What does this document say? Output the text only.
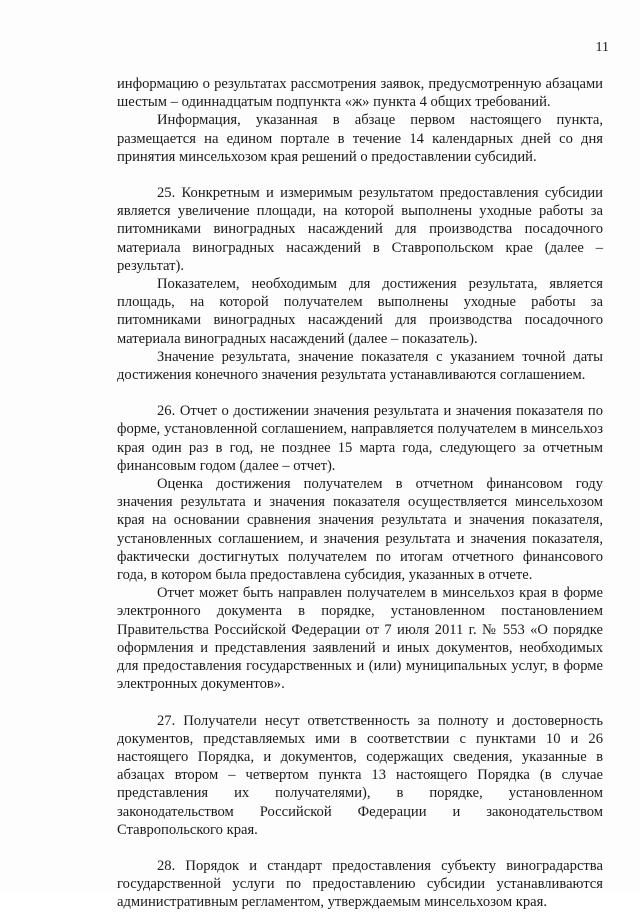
11

информацию о результатах рассмотрения заявок, предусмотренную абзацами шестым – одиннадцатым подпункта «ж» пункта 4 общих требований.

Информация, указанная в абзаце первом настоящего пункта, размещается на едином портале в течение 14 календарных дней со дня принятия минсельхозом края решений о предоставлении субсидий.

25. Конкретным и измеримым результатом предоставления субсидии является увеличение площади, на которой выполнены уходные работы за питомниками виноградных насаждений для производства посадочного материала виноградных насаждений в Ставропольском крае (далее – результат).

Показателем, необходимым для достижения результата, является площадь, на которой получателем выполнены уходные работы за питомниками виноградных насаждений для производства посадочного материала виноградных насаждений (далее – показатель).

Значение результата, значение показателя с указанием точной даты достижения конечного значения результата устанавливаются соглашением.

26. Отчет о достижении значения результата и значения показателя по форме, установленной соглашением, направляется получателем в минсельхоз края один раз в год, не позднее 15 марта года, следующего за отчетным финансовым годом (далее – отчет).

Оценка достижения получателем в отчетном финансовом году значения результата и значения показателя осуществляется минсельхозом края на основании сравнения значения результата и значения показателя, установленных соглашением, и значения результата и значения показателя, фактически достигнутых получателем по итогам отчетного финансового года, в котором была предоставлена субсидия, указанных в отчете.

Отчет может быть направлен получателем в минсельхоз края в форме электронного документа в порядке, установленном постановлением Правительства Российской Федерации от 7 июля 2011 г. № 553 «О порядке оформления и представления заявлений и иных документов, необходимых для предоставления государственных и (или) муниципальных услуг, в форме электронных документов».

27. Получатели несут ответственность за полноту и достоверность документов, представляемых ими в соответствии с пунктами 10 и 26 настоящего Порядка, и документов, содержащих сведения, указанные в абзацах втором – четвертом пункта 13 настоящего Порядка (в случае представления их получателями), в порядке, установленном законодательством Российской Федерации и законодательством Ставропольского края.

28. Порядок и стандарт предоставления субъекту виноградарства государственной услуги по предоставлению субсидии устанавливаются административным регламентом, утверждаемым минсельхозом края.
